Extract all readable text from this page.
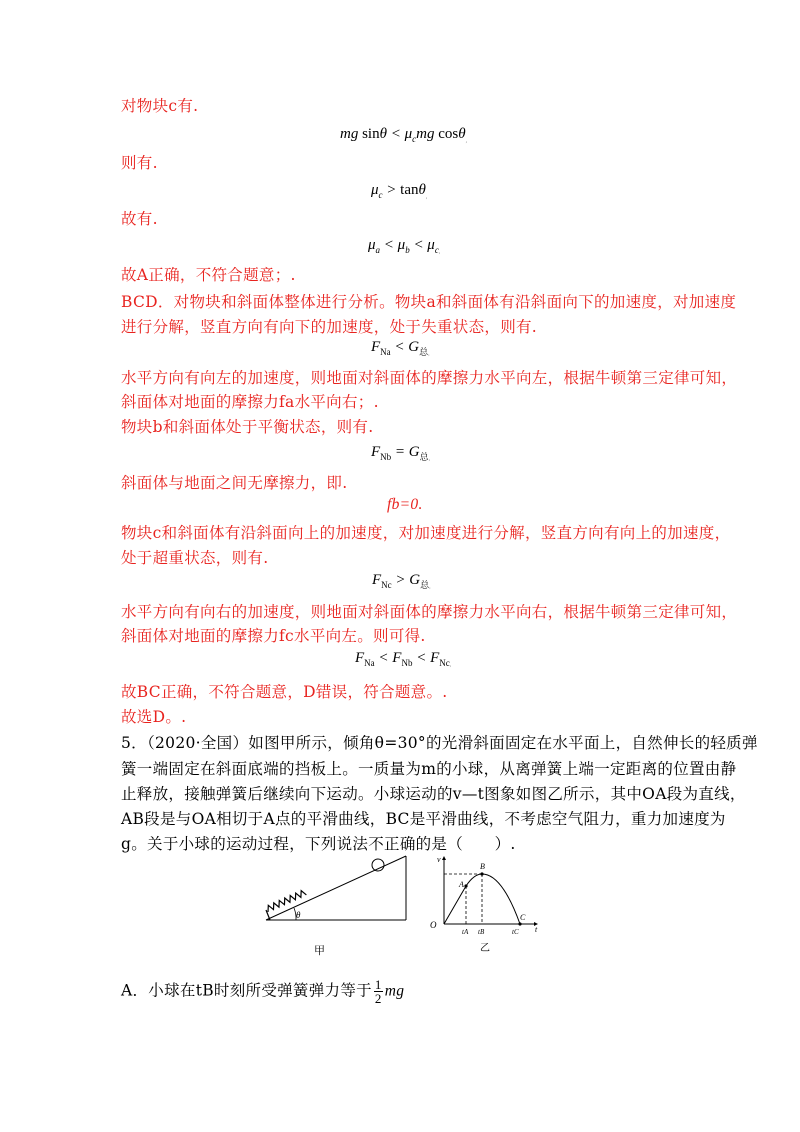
对物块c有.
mg $\sin\theta < \mu_cmg$ cosθ$_,$
则有.
$\mu_c > \tan\theta_,$
故有.
$\mu_a < \mu_b < \mu_{c,}$
故A正确，不符合题意；.
BCD．对物块和斜面体整体进行分析。物块a和斜面体有沿斜面向下的加速度，对加速度
进行分解，竖直方向有向下的加速度，处于失重状态，则有.
$F_{Na} < G_{总,}$
水平方向有向左的加速度，则地面对斜面体的摩擦力水平向左，根据牛顿第三定律可知，
斜面体对地面的摩擦力fa水平向右；.
物块b和斜面体处于平衡状态，则有.
$F_{Nb} = G_{总,}$
斜面体与地面之间无摩擦力，即.
fb=0.
物块c和斜面体有沿斜面向上的加速度，对加速度进行分解，竖直方向有向上的加速度，
处于超重状态，则有.
$F_{Nc} > G_{总,}$
水平方向有向右的加速度，则地面对斜面体的摩擦力水平向右，根据牛顿第三定律可知，
斜面体对地面的摩擦力fc水平向左。则可得.
$F_{Na} < F_{Nb} < F_{Nc,}$
故BC正确，不符合题意，D错误，符合题意。.
故选D。.
5．（2020·全国）如图甲所示，倾角θ=30°的光滑斜面固定在水平面上，自然伸长的轻质弹
簧一端固定在斜面底端的挡板上。一质量为m的小球，从离弹簧上端一定距离的位置由静
止释放，接触弹簧后继续向下运动。小球运动的v—t图象如图乙所示，其中OA段为直线，
AB段是与OA相切于A点的平滑曲线，BC是平滑曲线，不考虑空气阻力，重力加速度为
g。关于小球的运动过程，下列说法不正确的是（　　）.
θ
甲
v
t
A
B
C
tA tB	tC
O
乙
A．小球在tB时刻所受弹簧弹力等于 $\frac{1}{2}$ mg
